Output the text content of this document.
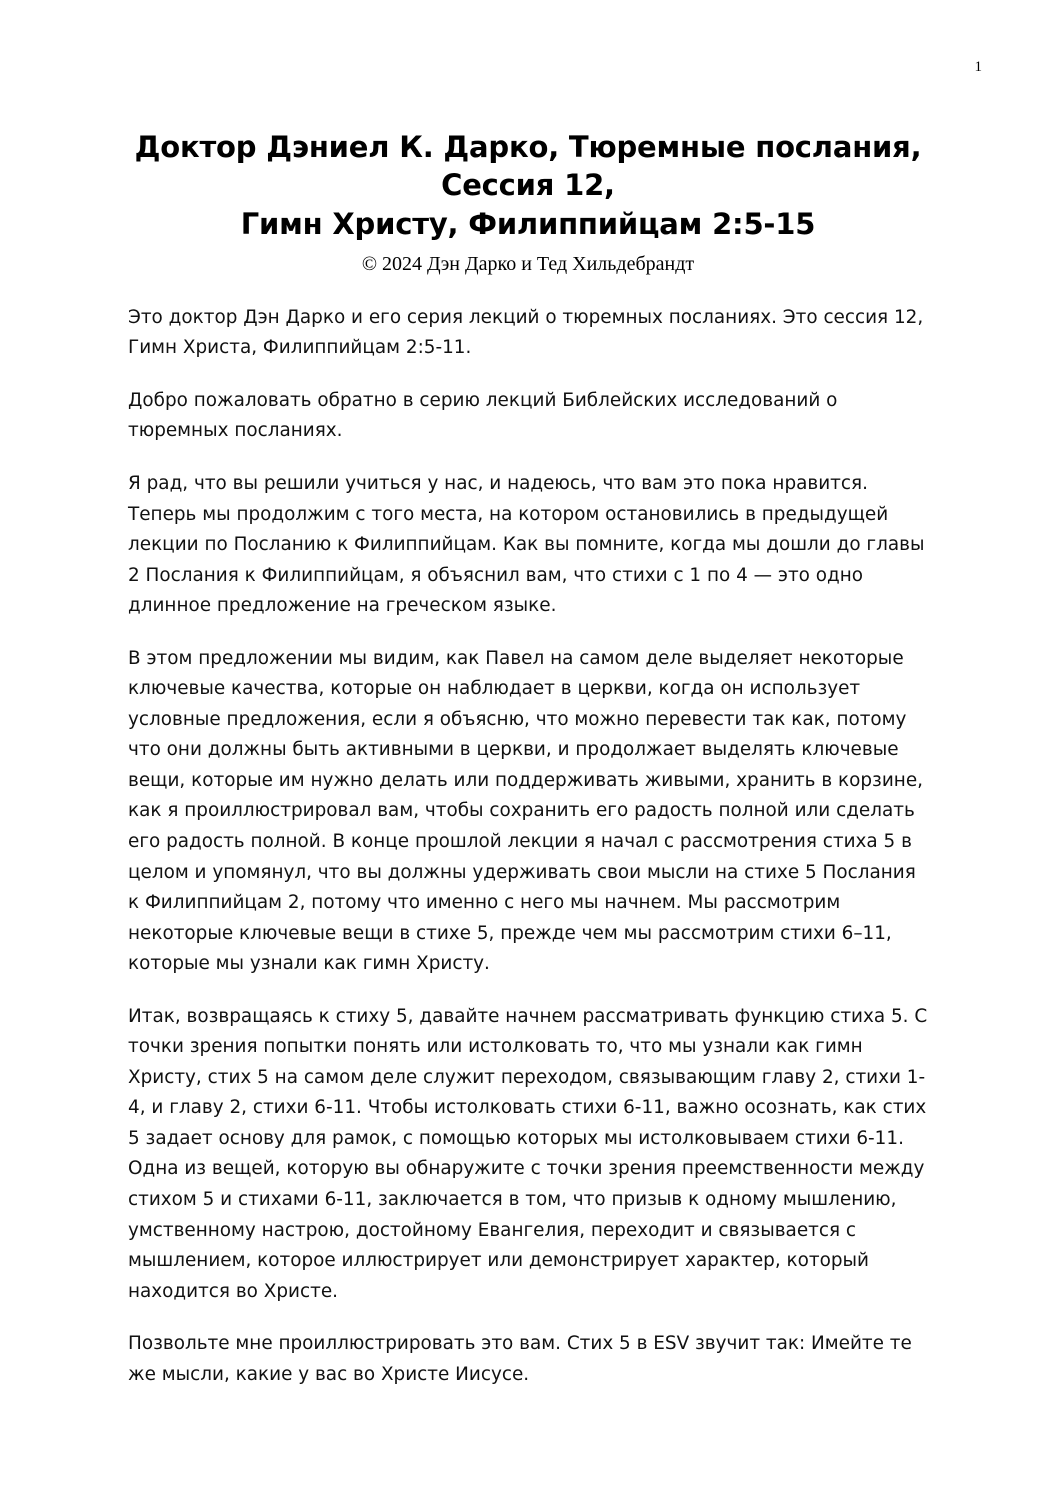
1
Доктор Дэниел К. Дарко, Тюремные послания,
Сессия 12,
Гимн Христу, Филиппийцам 2:5-15
© 2024 Дэн Дарко и Тед Хильдебрандт

Это доктор Дэн Дарко и его серия лекций о тюремных посланиях. Это сессия 12, Гимн Христа, Филиппийцам 2:5-11.

Добро пожаловать обратно в серию лекций Библейских исследований о тюремных посланиях.

Я рад, что вы решили учиться у нас, и надеюсь, что вам это пока нравится. Теперь мы продолжим с того места, на котором остановились в предыдущей лекции по Посланию к Филиппийцам. Как вы помните, когда мы дошли до главы 2 Послания к Филиппийцам, я объяснил вам, что стихи с 1 по 4 — это одно длинное предложение на греческом языке.

В этом предложении мы видим, как Павел на самом деле выделяет некоторые ключевые качества, которые он наблюдает в церкви, когда он использует условные предложения, если я объясню, что можно перевести так как, потому что они должны быть активными в церкви, и продолжает выделять ключевые вещи, которые им нужно делать или поддерживать живыми, хранить в корзине, как я проиллюстрировал вам, чтобы сохранить его радость полной или сделать его радость полной. В конце прошлой лекции я начал с рассмотрения стиха 5 в целом и упомянул, что вы должны удерживать свои мысли на стихе 5 Послания к Филиппийцам 2, потому что именно с него мы начнем. Мы рассмотрим некоторые ключевые вещи в стихе 5, прежде чем мы рассмотрим стихи 6–11, которые мы узнали как гимн Христу.

Итак, возвращаясь к стиху 5, давайте начнем рассматривать функцию стиха 5. С точки зрения попытки понять или истолковать то, что мы узнали как гимн Христу, стих 5 на самом деле служит переходом, связывающим главу 2, стихи 1-4, и главу 2, стихи 6-11. Чтобы истолковать стихи 6-11, важно осознать, как стих 5 задает основу для рамок, с помощью которых мы истолковываем стихи 6-11. Одна из вещей, которую вы обнаружите с точки зрения преемственности между стихом 5 и стихами 6-11, заключается в том, что призыв к одному мышлению, умственному настрою, достойному Евангелия, переходит и связывается с мышлением, которое иллюстрирует или демонстрирует характер, который находится во Христе.

Позвольте мне проиллюстрировать это вам. Стих 5 в ESV звучит так: Имейте те же мысли, какие у вас во Христе Иисусе.
